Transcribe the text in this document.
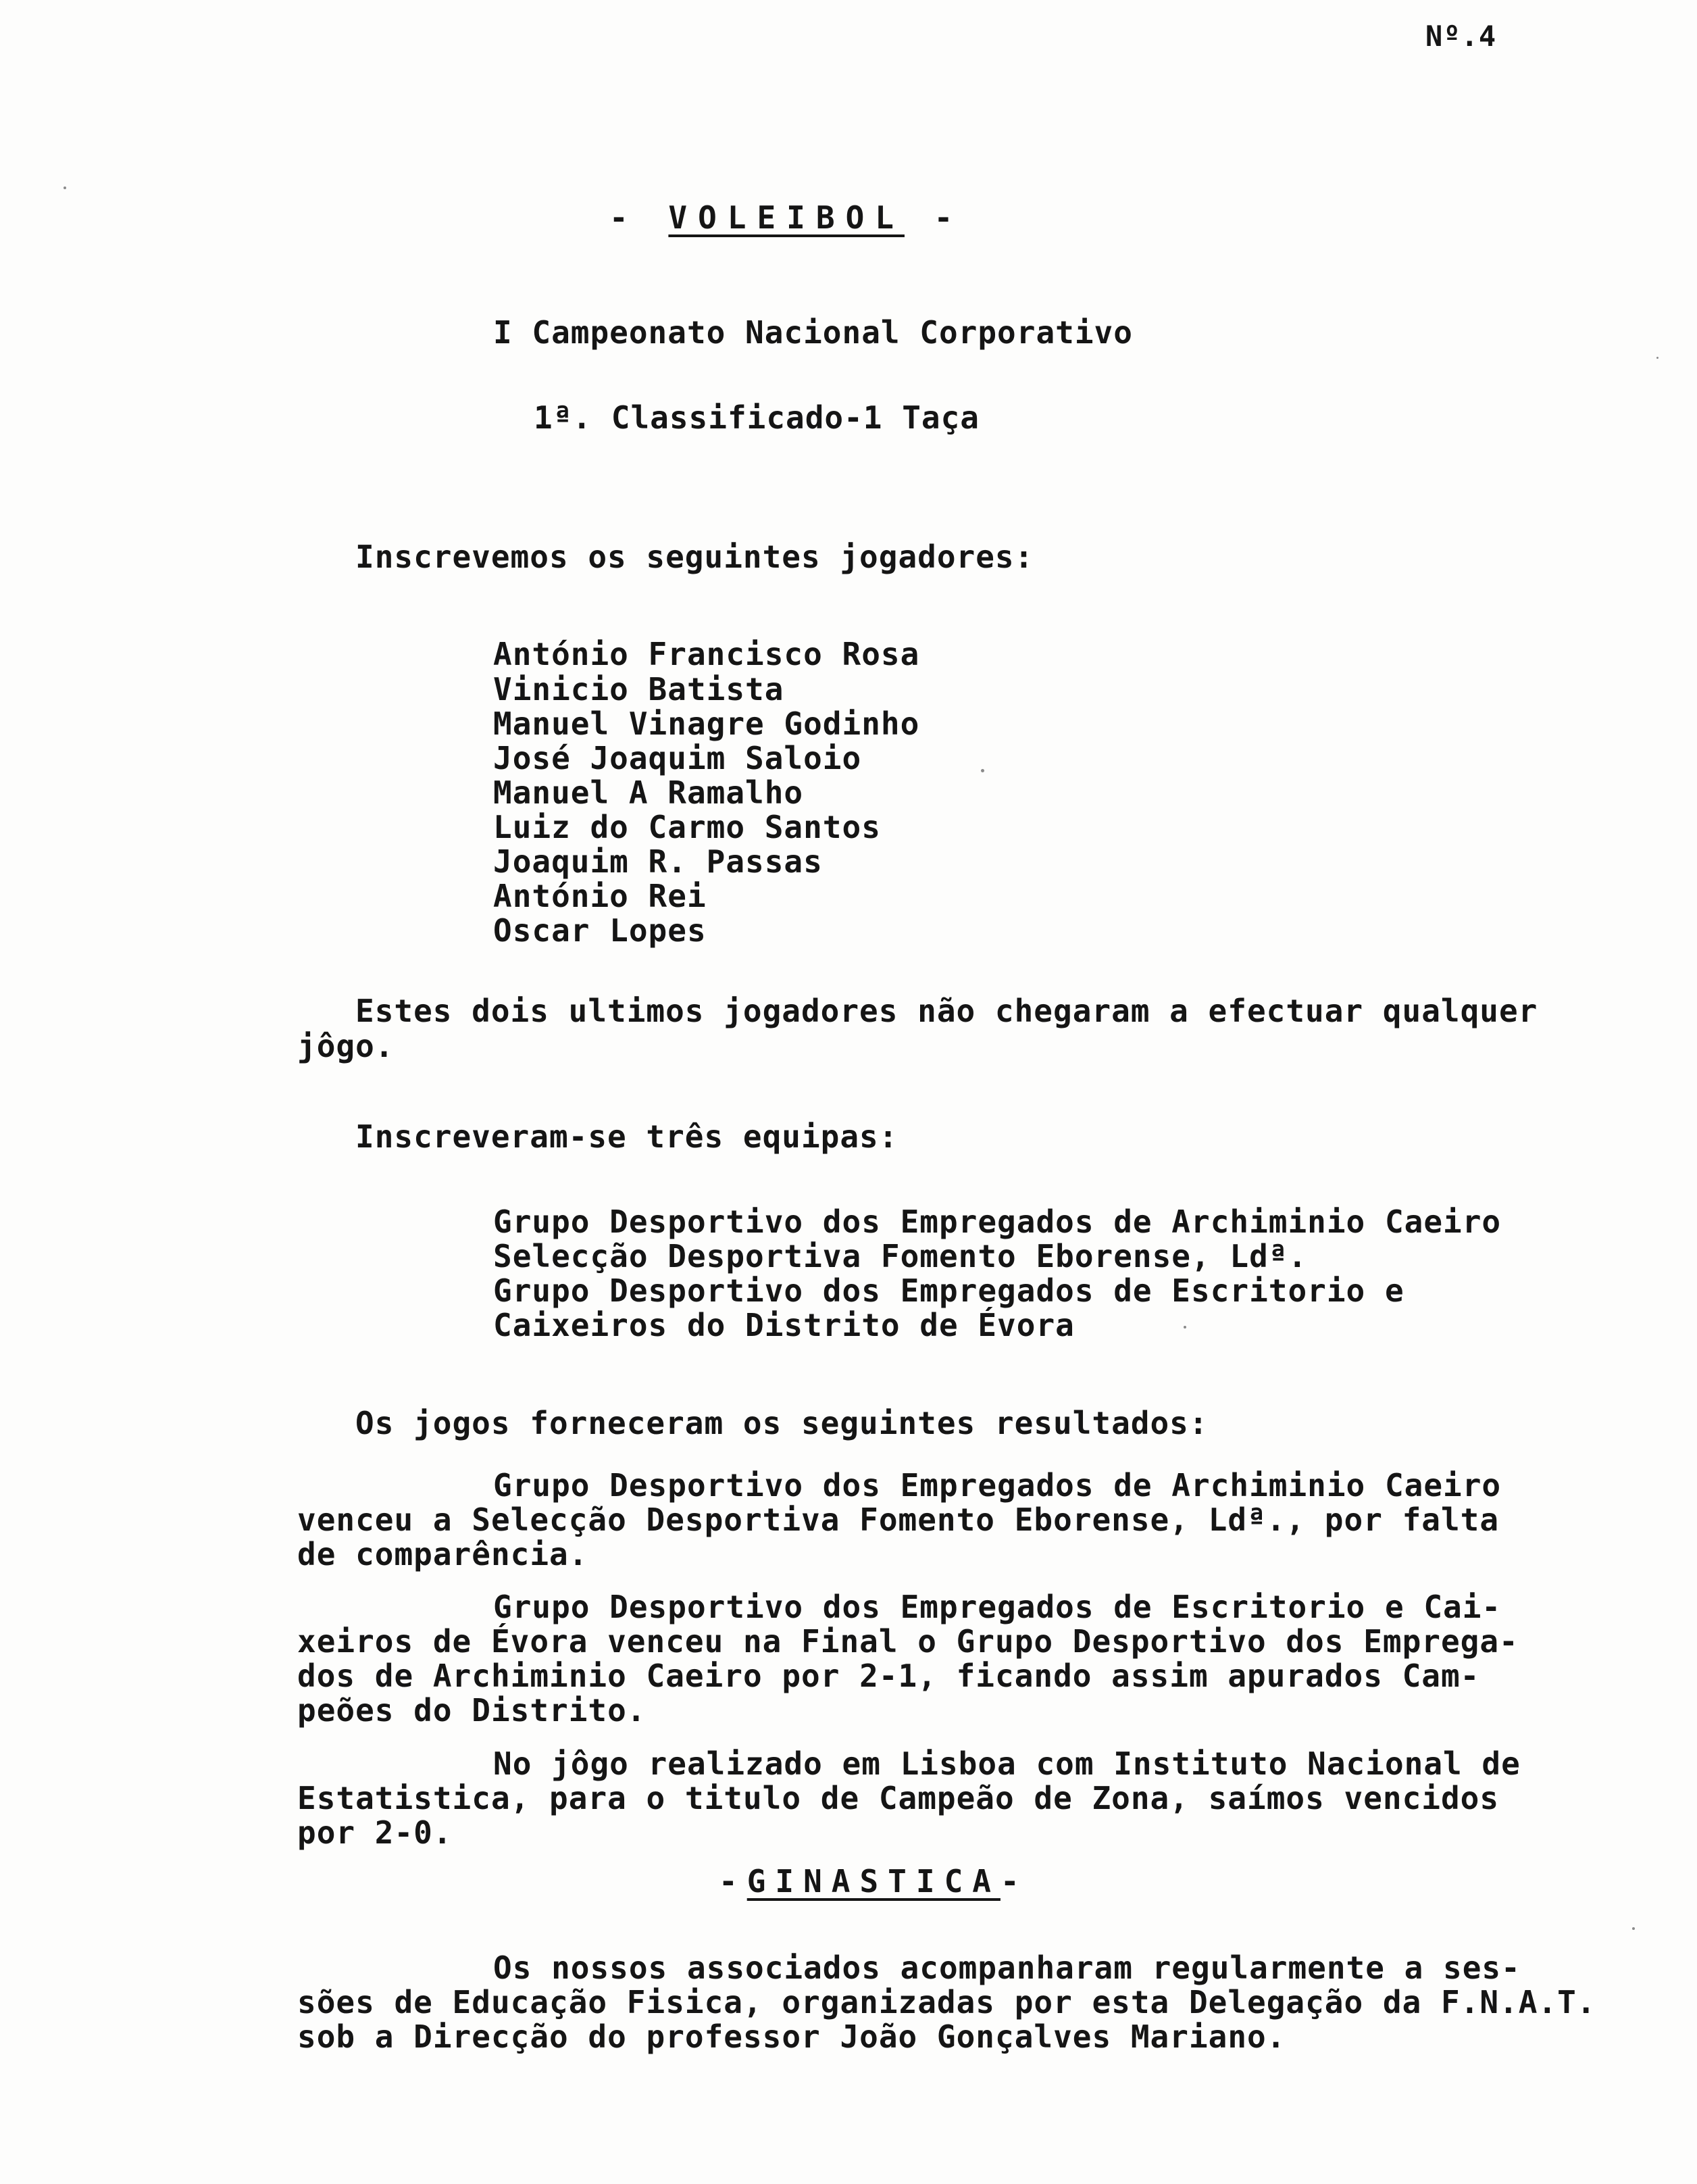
Nº.4
- VOLEIBOL -
I Campeonato Nacional Corporativo
1ª. Classificado-1 Taça
Inscrevemos os seguintes jogadores:
António Francisco Rosa
Vinicio Batista
Manuel Vinagre Godinho
José Joaquim Saloio
Manuel A Ramalho
Luiz do Carmo Santos
Joaquim R. Passas
António Rei
Oscar Lopes
Estes dois ultimos jogadores não chegaram a efectuar qualquer
jôgo.
Inscreveram-se três equipas:
Grupo Desportivo dos Empregados de Archiminio Caeiro
Selecção Desportiva Fomento Eborense, Ldª.
Grupo Desportivo dos Empregados de Escritorio e
Caixeiros do Distrito de Évora
Os jogos forneceram os seguintes resultados:
Grupo Desportivo dos Empregados de Archiminio Caeiro
venceu a Selecção Desportiva Fomento Eborense, Ldª., por falta
de comparência.
Grupo Desportivo dos Empregados de Escritorio e Cai-
xeiros de Évora venceu na Final o Grupo Desportivo dos Emprega-
dos de Archiminio Caeiro por 2-1, ficando assim apurados Cam-
peões do Distrito.
No jôgo realizado em Lisboa com Instituto Nacional de
Estatistica, para o titulo de Campeão de Zona, saímos vencidos
por 2-0.
-GINASTICA-
Os nossos associados acompanharam regularmente a ses-
sões de Educação Fisica, organizadas por esta Delegação da F.N.A.T.
sob a Direcção do professor João Gonçalves Mariano.
